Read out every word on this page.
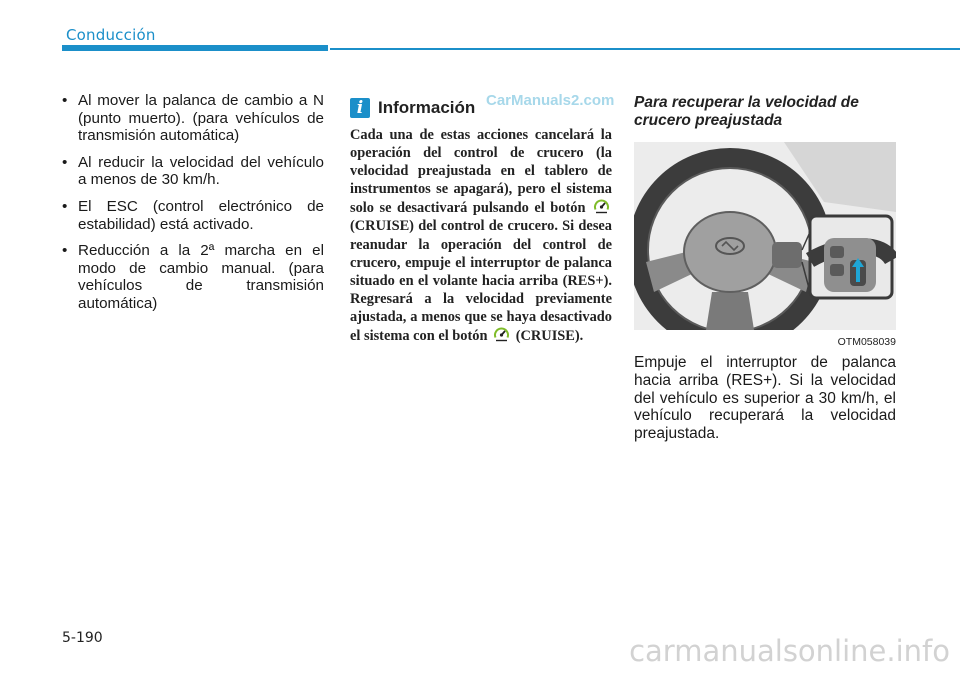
Conducción
• Al mover la palanca de cambio a N (punto muerto). (para vehículos de transmisión automática)
• Al reducir la velocidad del vehículo a menos de 30 km/h.
• El ESC (control electrónico de estabilidad) está activado.
• Reducción a la 2ª marcha en el modo de cambio manual. (para vehículos de transmisión automática)
i Información CarManuals2.com
Cada una de estas acciones cancelará la operación del control de crucero (la velocidad preajustada en el tablero de instrumentos se apagará), pero el sistema solo se desactivará pulsando el botón  (CRUISE) del control de crucero. Si desea reanudar la operación del control de crucero, empuje el interruptor de palanca situado en el volante hacia arriba (RES+). Regresará a la velocidad previamente ajustada, a menos que se haya desactivado el sistema con el botón (CRUISE).
Para recuperar la velocidad de crucero preajustada
OTM058039
Empuje el interruptor de palanca hacia arriba (RES+). Si la velocidad del vehículo es superior a 30 km/h, el vehículo recuperará la velocidad preajustada.
5-190	carmanualsonline.info
